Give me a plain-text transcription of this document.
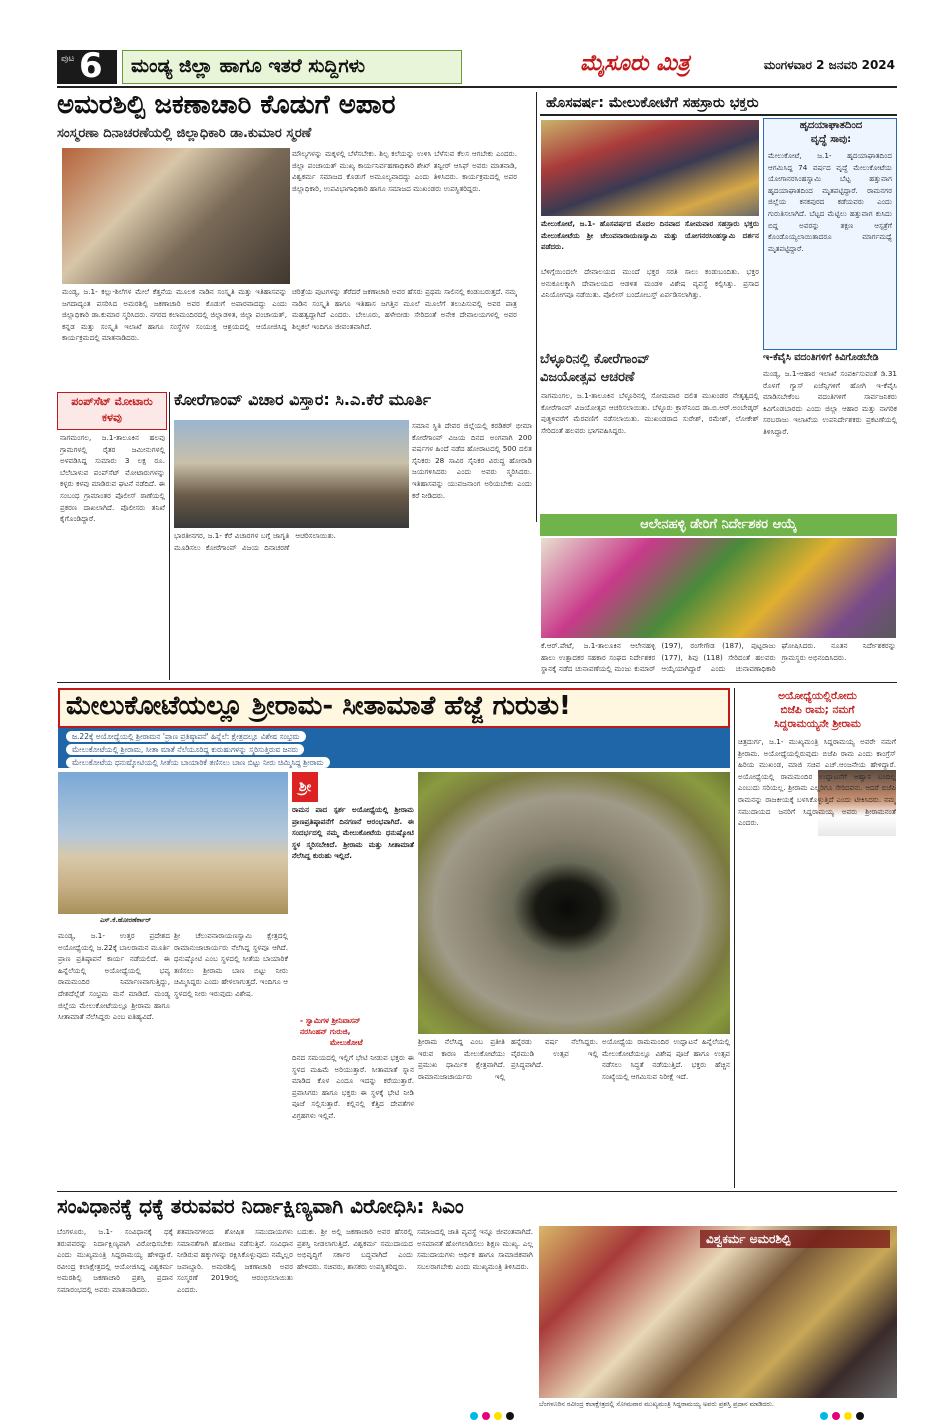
ಪುಟ 6	ಮಂಡ್ಯ ಜಿಲ್ಲಾ ಹಾಗೂ ಇತರೆ ಸುದ್ದಿಗಳು	ಮೈಸೂರು ಮಿತ್ರ	ಮಂಗಳವಾರ 2 ಜನವರಿ 2024
ಅಮರಶಿಲ್ಪಿ ಜಕಣಾಚಾರಿ ಕೊಡುಗೆ ಅಪಾರ
ಸಂಸ್ಮರಣಾ ದಿನಾಚರಣೆಯಲ್ಲಿ ಜಿಲ್ಲಾಧಿಕಾರಿ ಡಾ.ಕುಮಾರ ಸ್ಮರಣೆ
ಮಂಡ್ಯ, ಜ.1- ಕಲ್ಲು-ಶಿಲೆಗಳ ಮೇಲೆ ಕೆತ್ತನೆಯ ಮೂಲಕ ನಾಡಿನ ಸಂಸ್ಕೃತಿ ಮತ್ತು ಇತಿಹಾಸವನ್ನು ಜಗದಾದ್ಯಂತ ಪಸರಿಸಿದ ಅಮರಶಿಲ್ಪಿ ಜಕಣಾಚಾರಿ ಅವರ ಕೊಡುಗೆ ಅಪಾರವಾದದ್ದು ಎಂದು ಜಿಲ್ಲಾಧಿಕಾರಿ ಡಾ.ಕುಮಾರ ಸ್ಮರಿಸಿದರು. ನಗರದ ಕಲಾಮಂದಿರದಲ್ಲಿ ಜಿಲ್ಲಾಡಳಿತ, ಜಿಲ್ಲಾ ಪಂಚಾಯತ್, ಕನ್ನಡ ಮತ್ತು ಸಂಸ್ಕೃತಿ ಇಲಾಖೆ ಹಾಗೂ ಸಂಸ್ಥೆಗಳ ಸಂಯುಕ್ತ ಆಶ್ರಯದಲ್ಲಿ ಆಯೋಜಿಸಿದ್ದ ಕಾರ್ಯಕ್ರಮದಲ್ಲಿ ಮಾತನಾಡಿದರು.
ಚರಿತ್ರೆಯ ಪುಟಗಳನ್ನು ತೆರೆದರೆ ಜಕಣಾಚಾರಿ ಅವರ ಹೆಸರು ಪ್ರಥಮ ಸಾಲಿನಲ್ಲಿ ಕಂಡುಬರುತ್ತದೆ. ನಮ್ಮ ನಾಡಿನ ಸಂಸ್ಕೃತಿ ಹಾಗೂ ಇತಿಹಾಸ ಜಗತ್ತಿನ ಮೂಲೆ ಮೂಲೆಗೆ ತಲುಪಿಸುವಲ್ಲಿ ಅವರ ಪಾತ್ರ ಮಹತ್ವದ್ದಾಗಿದೆ ಎಂದರು. ಬೇಲೂರು, ಹಳೇಬೀಡು ಸೇರಿದಂತೆ ಅನೇಕ ದೇವಾಲಯಗಳಲ್ಲಿ ಅವರ ಶಿಲ್ಪಕಲೆ ಇಂದಿಗೂ ಜೀವಂತವಾಗಿದೆ.
ಮೌಲ್ಯಗಳನ್ನು ಮಕ್ಕಳಲ್ಲಿ ಬೆಳೆಸಬೇಕು. ಶಿಲ್ಪ ಕಲೆಯನ್ನು ಉಳಿಸಿ ಬೆಳೆಸುವ ಕೆಲಸ ಆಗಬೇಕು ಎಂದರು. ಜಿಲ್ಲಾ ಪಂಚಾಯತ್ ಮುಖ್ಯ ಕಾರ್ಯನಿರ್ವಹಣಾಧಿಕಾರಿ ಶೇಖ್ ತನ್ವೀರ್ ಆಸಿಫ್ ಅವರು ಮಾತನಾಡಿ, ವಿಶ್ವಕರ್ಮ ಸಮಾಜದ ಕೊಡುಗೆ ಅಮೂಲ್ಯವಾದದ್ದು ಎಂದು ತಿಳಿಸಿದರು. ಕಾರ್ಯಕ್ರಮದಲ್ಲಿ ಅಪರ ಜಿಲ್ಲಾಧಿಕಾರಿ, ಉಪವಿಭಾಗಾಧಿಕಾರಿ ಹಾಗೂ ಸಮಾಜದ ಮುಖಂಡರು ಉಪಸ್ಥಿತರಿದ್ದರು.
ಹೊಸವರ್ಷ: ಮೇಲುಕೋಟೆಗೆ ಸಹಸ್ರಾರು ಭಕ್ತರು
ಮೇಲುಕೋಟೆ, ಜ.1- ಹೊಸವರ್ಷದ ಮೊದಲ ದಿನವಾದ ಸೋಮವಾರ ಸಹಸ್ರಾರು ಭಕ್ತರು ಮೇಲುಕೋಟೆಯ ಶ್ರೀ ಚೆಲುವನಾರಾಯಣಸ್ವಾಮಿ ಮತ್ತು ಯೋಗನರಸಿಂಹಸ್ವಾಮಿ ದರ್ಶನ ಪಡೆದರು.
ಬೆಳಿಗ್ಗೆಯಿಂದಲೇ ದೇವಾಲಯದ ಮುಂದೆ ಭಕ್ತರ ಸರತಿ ಸಾಲು ಕಂಡುಬಂದಿತು. ಭಕ್ತರ ಅನುಕೂಲಕ್ಕಾಗಿ ದೇವಾಲಯದ ಆಡಳಿತ ಮಂಡಳಿ ವಿಶೇಷ ವ್ಯವಸ್ಥೆ ಕಲ್ಪಿಸಿತ್ತು. ಪ್ರಸಾದ ವಿನಿಯೋಗವೂ ನಡೆಯಿತು. ಪೊಲೀಸ್ ಬಂದೋಬಸ್ತ್ ಏರ್ಪಡಿಸಲಾಗಿತ್ತು.
ಹೃದಯಾಘಾತದಿಂದ
ವೃದ್ಧೆ ಸಾವು:
ಮೇಲುಕೋಟೆ, ಜ.1- ಹೃದಯಾಘಾತದಿಂದ ಆಗಮಿಸಿದ್ದ 74 ವರ್ಷದ ವೃದ್ಧೆ ಮೇಲುಕೋಟೆಯ ಯೋಗಾನರಸಿಂಹಸ್ವಾಮಿ ಬೆಟ್ಟ ಹತ್ತುವಾಗ ಹೃದಯಾಘಾತದಿಂದ ಮೃತಪಟ್ಟಿದ್ದಾರೆ. ರಾಮನಗರ ಜಿಲ್ಲೆಯ ಕನಕಪುರದ ಕಡೆಯವರು ಎಂದು ಗುರುತಿಸಲಾಗಿದೆ. ಬೆಟ್ಟದ ಮೆಟ್ಟಿಲು ಹತ್ತುವಾಗ ಕುಸಿದು ಬಿದ್ದ ಅವರನ್ನು ತಕ್ಷಣ ಆಸ್ಪತ್ರೆಗೆ ಕೊಂಡೊಯ್ಯಲಾಯಿತಾದರೂ ಮಾರ್ಗಮಧ್ಯೆ ಮೃತಪಟ್ಟಿದ್ದಾರೆ.
ಬೆಳ್ಳೂರಿನಲ್ಲಿ ಕೋರೆಗಾಂವ್
ವಿಜಯೋತ್ಸವ ಆಚರಣೆ
ನಾಗಮಂಗಲ, ಜ.1-ತಾಲೂಕಿನ ಬೆಳ್ಳೂರಿನಲ್ಲಿ ಸೋಮವಾರ ದಲಿತ ಮುಖಂಡರ ನೇತೃತ್ವದಲ್ಲಿ ಕೋರೆಗಾಂವ್ ವಿಜಯೋತ್ಸವ ಆಚರಿಸಲಾಯಿತು. ಬೆಳ್ಳೂರು ಕ್ರಾಸ್‌ನಿಂದ ಡಾ.ಬಿ.ಆರ್.ಅಂಬೇಡ್ಕರ್ ಪುತ್ಥಳಿವರೆಗೆ ಮೆರವಣಿಗೆ ನಡೆಸಲಾಯಿತು. ಮುಖಂಡರಾದ ಸುರೇಶ್, ರಮೇಶ್, ಲೋಕೇಶ್ ಸೇರಿದಂತೆ ಹಲವರು ಭಾಗವಹಿಸಿದ್ದರು.
ಇ-ಕೆವೈಸಿ ವದಂತಿಗಳಿಗೆ ಕಿವಿಗೊಡಬೇಡಿ
ಮಂಡ್ಯ, ಜ.1-ಆಹಾರ ಇಲಾಖೆ ಸಂಪರ್ಕಿಸುವಂತೆ ಡಿ.31 ರೊಳಗೆ ಗ್ಯಾಸ್ ಏಜೆನ್ಸಿಗಳಿಗೆ ಹೋಗಿ ಇ-ಕೆವೈಸಿ ಮಾಡಿಸಬೇಕೆಂಬ ವದಂತಿಗಳಿಗೆ ಸಾರ್ವಜನಿಕರು ಕಿವಿಗೊಡಬಾರದು ಎಂದು ಜಿಲ್ಲಾ ಆಹಾರ ಮತ್ತು ನಾಗರಿಕ ಸರಬರಾಜು ಇಲಾಖೆಯ ಉಪನಿರ್ದೇಶಕರು ಪ್ರಕಟಣೆಯಲ್ಲಿ ತಿಳಿಸಿದ್ದಾರೆ.
ಪಂಪ್‌ಸೆಟ್ ಮೋಟಾರು ಕಳವು
ನಾಗಮಂಗಲ, ಜ.1-ತಾಲೂಕಿನ ಹಲವು ಗ್ರಾಮಗಳಲ್ಲಿ ರೈತರ ಜಮೀನುಗಳಲ್ಲಿ ಅಳವಡಿಸಿದ್ದ ಸುಮಾರು 3 ಲಕ್ಷ ರೂ. ಬೆಲೆಬಾಳುವ ಪಂಪ್‌ಸೆಟ್ ಮೋಟಾರುಗಳನ್ನು ಕಳ್ಳರು ಕಳವು ಮಾಡಿರುವ ಘಟನೆ ನಡೆದಿದೆ. ಈ ಸಂಬಂಧ ಗ್ರಾಮಾಂತರ ಪೊಲೀಸ್ ಠಾಣೆಯಲ್ಲಿ ಪ್ರಕರಣ ದಾಖಲಾಗಿದೆ. ಪೊಲೀಸರು ತನಿಖೆ ಕೈಗೊಂಡಿದ್ದಾರೆ.
ಕೋರೆಗಾಂವ್ ವಿಚಾರ ವಿಸ್ತಾರ: ಸಿ.ಎ.ಕೆರೆ ಮೂರ್ತಿ
ಸಮಾನ ಸ್ಥಿತಿ ದೇವರ ಜಿಲ್ಲೆಯಲ್ಲಿ ಕರಡಿಕರ್ ಭೀಮಾ ಕೋರೆಗಾಂವ್ ವಿಜಯ ದಿನದ ಅಂಗವಾಗಿ 200 ವರ್ಷಗಳ ಹಿಂದೆ ನಡೆದ ಹೋರಾಟದಲ್ಲಿ 500 ದಲಿತ ಸೈನಿಕರು 28 ಸಾವಿರ ಸೈನಿಕರ ವಿರುದ್ಧ ಹೋರಾಡಿ ಜಯಗಳಿಸಿದರು ಎಂದು ಅವರು ಸ್ಮರಿಸಿದರು. ಇತಿಹಾಸವನ್ನು ಯುವಜನಾಂಗ ಅರಿಯಬೇಕು ಎಂದು ಕರೆ ನೀಡಿದರು.
ಭಾರತೀನಗರ, ಜ.1- ಕೆರೆ ವಿಚಾರಗಳ ಬಗ್ಗೆ ಜಾಗೃತಿ ಮೂಡಿಸಲು ಕೋರೆಗಾಂವ್ ವಿಜಯ ದಿನಾಚರಣೆ ಆಚರಿಸಲಾಯಿತು.
ಆಲೇನಹಳ್ಳಿ ಡೇರಿಗೆ ನಿರ್ದೇಶಕರ ಆಯ್ಕೆ
ಕೆ.ಆರ್.ಪೇಟೆ, ಜ.1-ತಾಲೂಕಿನ ಆಲೇನಹಳ್ಳಿ ಹಾಲು ಉತ್ಪಾದಕರ ಸಹಕಾರ ಸಂಘದ ನಿರ್ದೇಶಕರ ಸ್ಥಾನಕ್ಕೆ ನಡೆದ ಚುನಾವಣೆಯಲ್ಲಿ ಮಂಜು ಕುಮಾರ್ (197), ರಂಗೇಗೌಡ (187), ಪುಟ್ಟರಾಜು (177), ಶಿವು (118) ಸೇರಿದಂತೆ ಹಲವರು ಆಯ್ಕೆಯಾಗಿದ್ದಾರೆ ಎಂದು ಚುನಾವಣಾಧಿಕಾರಿ ಘೋಷಿಸಿದರು. ನೂತನ ನಿರ್ದೇಶಕರನ್ನು ಗ್ರಾಮಸ್ಥರು ಅಭಿನಂದಿಸಿದರು.
ಮೇಲುಕೋಟೆಯಲ್ಲೂ ಶ್ರೀರಾಮ- ಸೀತಾಮಾತೆ ಹೆಜ್ಜೆ ಗುರುತು!
ಜ.22ಕ್ಕೆ ಅಯೋಧ್ಯೆಯಲ್ಲಿ ಶ್ರೀರಾಮನ 'ಪ್ರಾಣ ಪ್ರತಿಷ್ಠಾಪನೆ' ಹಿನ್ನೆಲೆ: ಕ್ಷೇತ್ರದಲ್ಲೂ ವಿಶೇಷ ಸಂಭ್ರಮ
ಮೇಲುಕೋಟೆಯಲ್ಲಿ ಶ್ರೀರಾಮ, ಸೀತಾ ಮಾತೆ ನೆಲೆಯೂರಿದ್ದ ಕುರುಹುಗಳನ್ನು ಸ್ಮರಿಸುತ್ತಿರುವ ಜನರು
ಮೇಲುಕೋಟೆಯ ಧನುಷ್ಕೋಟಿಯಲ್ಲಿ ಸೀತೆಯ ಬಾಯಾರಿಕೆ ತಣಿಸಲು ಬಾಣ ಬಿಟ್ಟು ನೀರು ಚಿಮ್ಮಿಸಿದ್ದ ಶ್ರೀರಾಮ
ಎಸ್.ಕೆ.ಹೋರಣೆರ್ಕಾರ್
ಮಂಡ್ಯ, ಜ.1- ಉತ್ತರ ಪ್ರದೇಶದ ಅಯೋಧ್ಯೆಯಲ್ಲಿ ಜ.22ಕ್ಕೆ ಬಾಲರಾಮನ ಮೂರ್ತಿ ಪ್ರಾಣ ಪ್ರತಿಷ್ಠಾಪನೆ ಕಾರ್ಯ ನಡೆಯಲಿದೆ. ಈ ಹಿನ್ನೆಲೆಯಲ್ಲಿ ಅಯೋಧ್ಯೆಯಲ್ಲಿ ಭವ್ಯ ರಾಮಮಂದಿರ ನಿರ್ಮಾಣವಾಗುತ್ತಿದ್ದು, ದೇಶದೆಲ್ಲೆಡೆ ಸಂಭ್ರಮ ಮನೆ ಮಾಡಿದೆ. ಮಂಡ್ಯ ಜಿಲ್ಲೆಯ ಮೇಲುಕೋಟೆಯಲ್ಲೂ ಶ್ರೀರಾಮ ಹಾಗೂ ಸೀತಾಮಾತೆ ನೆಲೆಸಿದ್ದರು ಎಂಬ ಐತಿಹ್ಯವಿದೆ.
ಶ್ರೀ ಚೆಲುವನಾರಾಯಣಸ್ವಾಮಿ ಕ್ಷೇತ್ರದಲ್ಲಿ ರಾಮಾನುಜಾಚಾರ್ಯರು ನೆಲೆಸಿದ್ದ ಸ್ಥಳವೂ ಆಗಿದೆ. ಧನುಷ್ಕೋಟಿ ಎಂಬ ಸ್ಥಳದಲ್ಲಿ ಸೀತೆಯ ಬಾಯಾರಿಕೆ ತಣಿಸಲು ಶ್ರೀರಾಮ ಬಾಣ ಬಿಟ್ಟು ನೀರು ಚಿಮ್ಮಿಸಿದ್ದರು ಎಂದು ಹೇಳಲಾಗುತ್ತದೆ. ಇಂದಿಗೂ ಆ ಸ್ಥಳದಲ್ಲಿ ನೀರು ಇರುವುದು ವಿಶೇಷ.
ಶ್ರೀ
ರಾಮನ ಪಾದ ಸ್ಪರ್ಶ ಅಯೋಧ್ಯೆಯಲ್ಲಿ ಶ್ರೀರಾಮ ಪ್ರಾಣಪ್ರತಿಷ್ಠಾಪನೆಗೆ ದಿನಗಣನೆ ಆರಂಭವಾಗಿದೆ. ಈ ಸಂದರ್ಭದಲ್ಲಿ ನಮ್ಮ ಮೇಲುಕೋಟೆಯ ಧನುಷ್ಕೋಟಿ ಸ್ಥಳ ಸ್ಮರಿಸಬೇಕಿದೆ. ಶ್ರೀರಾಮ ಮತ್ತು ಸೀತಾಮಾತೆ ನೆಲೆಸಿದ್ದ ಕುರುಹು ಇಲ್ಲಿದೆ.
- ಸ್ವಾಮಿಗಳ ಶ್ರೀನಿವಾಸನ್
ನರಸಿಂಹನ್ ಗುರುಜಿ,
ಮೇಲುಕೋಟೆ
ದಿನದ ಸಮಯದಲ್ಲಿ ಇಲ್ಲಿಗೆ ಭೇಟಿ ನೀಡುವ ಭಕ್ತರು ಈ ಸ್ಥಳದ ಮಹಿಮೆ ಅರಿಯುತ್ತಾರೆ. ಸೀತಾಮಾತೆ ಸ್ನಾನ ಮಾಡಿದ ಕೊಳ ಎಂದೂ ಇದನ್ನು ಕರೆಯುತ್ತಾರೆ. ಪ್ರವಾಸಿಗರು ಹಾಗೂ ಭಕ್ತರು ಈ ಸ್ಥಳಕ್ಕೆ ಭೇಟಿ ನೀಡಿ ಪೂಜೆ ಸಲ್ಲಿಸುತ್ತಾರೆ. ಕಲ್ಲಿನಲ್ಲಿ ಕೆತ್ತಿದ ದೇವತೆಗಳ ವಿಗ್ರಹಗಳು ಇಲ್ಲಿವೆ.
ಶ್ರೀರಾಮ ನೆಲೆಸಿದ್ದ ಎಂಬ ಪ್ರತೀತಿ ಇರುವ ಕಾರಣ ಮೇಲುಕೋಟೆಯು ಪ್ರಮುಖ ಧಾರ್ಮಿಕ ಕ್ಷೇತ್ರವಾಗಿದೆ. ರಾಮಾನುಜಾಚಾರ್ಯರು ಇಲ್ಲಿ ಹನ್ನೆರಡು ವರ್ಷ ನೆಲೆಸಿದ್ದರು. ವೈರಮುಡಿ ಉತ್ಸವ ಇಲ್ಲಿ ಪ್ರಸಿದ್ಧವಾಗಿದೆ.
ಅಯೋಧ್ಯೆಯ ರಾಮಮಂದಿರ ಉದ್ಘಾಟನೆ ಹಿನ್ನೆಲೆಯಲ್ಲಿ ಮೇಲುಕೋಟೆಯಲ್ಲೂ ವಿಶೇಷ ಪೂಜೆ ಹಾಗೂ ಉತ್ಸವ ನಡೆಸಲು ಸಿದ್ಧತೆ ನಡೆಯುತ್ತಿದೆ. ಭಕ್ತರು ಹೆಚ್ಚಿನ ಸಂಖ್ಯೆಯಲ್ಲಿ ಆಗಮಿಸುವ ನಿರೀಕ್ಷೆ ಇದೆ.
ಅಯೋಧ್ಯೆಯಲ್ಲಿರೋದು
ಬಿಜೆಪಿ ರಾಮ; ನಮಗೆ
ಸಿದ್ದರಾಮಯ್ಯನೇ ಶ್ರೀರಾಮ
ಚಿತ್ರದುರ್ಗ, ಜ.1- ಮುಖ್ಯಮಂತ್ರಿ ಸಿದ್ದರಾಮಯ್ಯ ಅವರೇ ನಮಗೆ ಶ್ರೀರಾಮ. ಅಯೋಧ್ಯೆಯಲ್ಲಿರುವುದು ಬಿಜೆಪಿ ರಾಮ ಎಂದು ಕಾಂಗ್ರೆಸ್ ಹಿರಿಯ ಮುಖಂಡ, ಮಾಜಿ ಸಚಿವ ಎಚ್.ಆಂಜನೇಯ ಹೇಳಿದ್ದಾರೆ. ಅಯೋಧ್ಯೆಯಲ್ಲಿ ರಾಮಮಂದಿರ ಉದ್ಘಾಟನೆಗೆ ಆಹ್ವಾನ ಬಂದಿಲ್ಲ ಎಂಬುದು ಸರಿಯಲ್ಲ. ಶ್ರೀರಾಮ ಎಲ್ಲರಿಗೂ ಸೇರಿದವನು. ಆದರೆ ಬಿಜೆಪಿ ರಾಮನನ್ನು ರಾಜಕೀಯಕ್ಕೆ ಬಳಸಿಕೊಳ್ಳುತ್ತಿದೆ ಎಂದು ಟೀಕಿಸಿದರು. ನಮ್ಮ ಸಮುದಾಯದ ಜನರಿಗೆ ಸಿದ್ದರಾಮಯ್ಯ ಅವರು ಶ್ರೀರಾಮನಂತೆ ಎಂದರು.
ಸಂವಿಧಾನಕ್ಕೆ ಧಕ್ಕೆ ತರುವವರ ನಿರ್ದಾಕ್ಷಿಣ್ಯವಾಗಿ ವಿರೋಧಿಸಿ: ಸಿಎಂ
ಬೆಂಗಳೂರು, ಜ.1- ಸಂವಿಧಾನಕ್ಕೆ ಧಕ್ಕೆ ತರುವವರನ್ನು ನಿರ್ದಾಕ್ಷಿಣ್ಯವಾಗಿ ವಿರೋಧಿಸಬೇಕು ಎಂದು ಮುಖ್ಯಮಂತ್ರಿ ಸಿದ್ದರಾಮಯ್ಯ ಹೇಳಿದ್ದಾರೆ. ರವೀಂದ್ರ ಕಲಾಕ್ಷೇತ್ರದಲ್ಲಿ ಆಯೋಜಿಸಿದ್ದ ವಿಶ್ವಕರ್ಮ ಅಮರಶಿಲ್ಪಿ ಜಕಣಾಚಾರಿ ಪ್ರಶಸ್ತಿ ಪ್ರದಾನ ಸಮಾರಂಭದಲ್ಲಿ ಅವರು ಮಾತನಾಡಿದರು.
ಶತಮಾನಗಳಿಂದ ಶೋಷಿತ ಸಮುದಾಯಗಳು ಸಮಾನತೆಗಾಗಿ ಹೋರಾಟ ನಡೆಸುತ್ತಿವೆ. ಸಂವಿಧಾನ ನೀಡಿರುವ ಹಕ್ಕುಗಳನ್ನು ರಕ್ಷಿಸಿಕೊಳ್ಳುವುದು ನಮ್ಮೆಲ್ಲರ ಜವಾಬ್ದಾರಿ. ಅಮರಶಿಲ್ಪಿ ಜಕಣಾಚಾರಿ ಅವರ ಸಂಸ್ಮರಣೆ 2019ರಲ್ಲಿ ಆರಂಭಿಸಲಾಯಿತು ಎಂದರು.
ಬದುಕು. ಶ್ರೀ ಅಲ್ಲಿ ಜಕಣಾಚಾರಿ ಅವರ ಹೆಸರಲ್ಲಿ ಪ್ರಶಸ್ತಿ ನೀಡಲಾಗುತ್ತಿದೆ. ವಿಶ್ವಕರ್ಮ ಸಮುದಾಯದ ಅಭಿವೃದ್ಧಿಗೆ ಸರ್ಕಾರ ಬದ್ಧವಾಗಿದೆ ಎಂದು ಹೇಳಿದರು. ಸಚಿವರು, ಶಾಸಕರು ಉಪಸ್ಥಿತರಿದ್ದರು.
ಸಮಾಜದಲ್ಲಿ ಜಾತಿ ವ್ಯವಸ್ಥೆ ಇನ್ನೂ ಜೀವಂತವಾಗಿದೆ. ಅಸಮಾನತೆ ಹೋಗಲಾಡಿಸಲು ಶಿಕ್ಷಣ ಮುಖ್ಯ. ಎಲ್ಲ ಸಮುದಾಯಗಳು ಆರ್ಥಿಕ ಹಾಗೂ ಸಾಮಾಜಿಕವಾಗಿ ಸಬಲರಾಗಬೇಕು ಎಂದು ಮುಖ್ಯಮಂತ್ರಿ ತಿಳಿಸಿದರು.
ವಿಶ್ವಕರ್ಮ ಅಮರಶಿಲ್ಪಿ
ಬೆಂಗಳೂರಿನ ರವೀಂದ್ರ ಕಲಾಕ್ಷೇತ್ರದಲ್ಲಿ ಸೋಮವಾರ ಮುಖ್ಯಮಂತ್ರಿ ಸಿದ್ದರಾಮಯ್ಯ ಅವರು ಪ್ರಶಸ್ತಿ ಪ್ರದಾನ ಮಾಡಿದರು.
